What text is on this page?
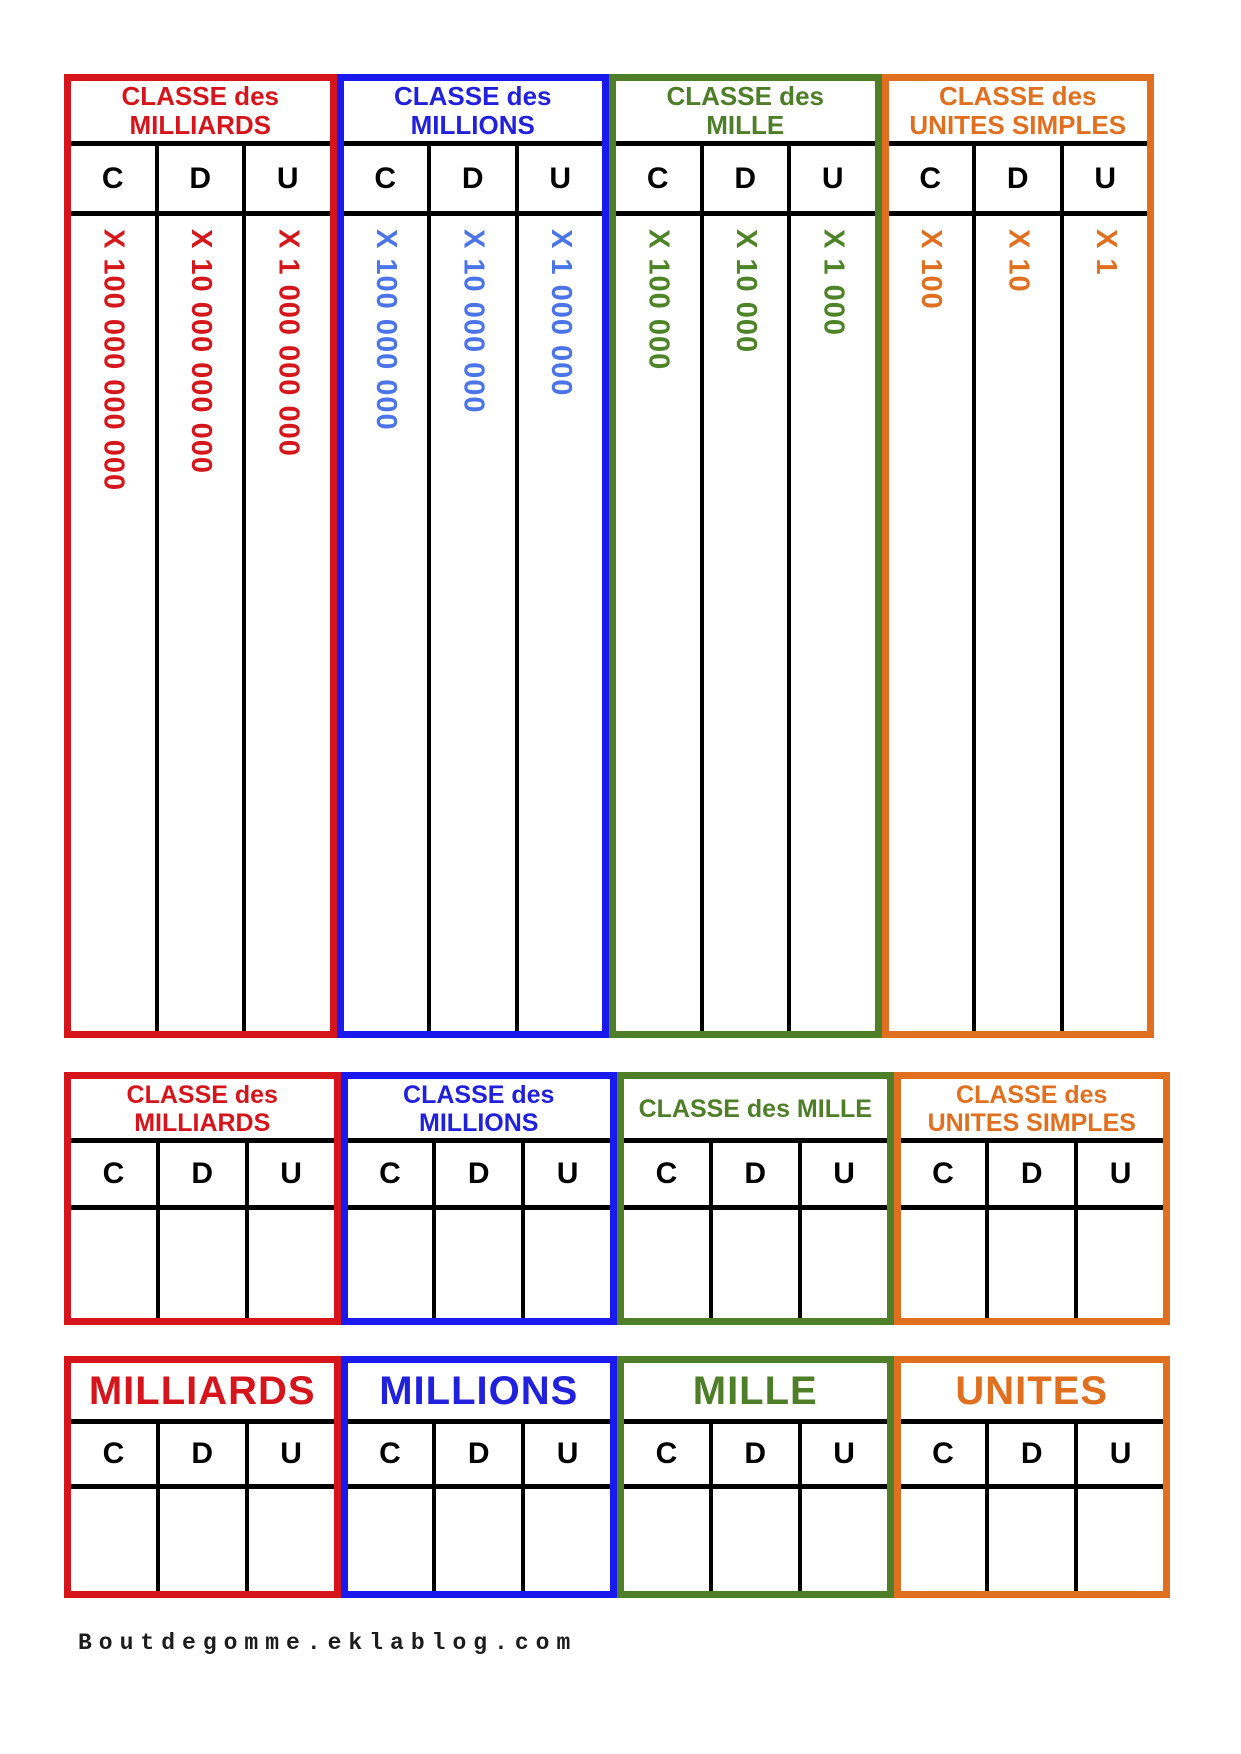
CLASSE des MILLIARDS
C	D	U
X 100 000 000 000 X 10 000 000 000 X 1 000 000 000
CLASSE des MILLIONS
C	D	U
X 100 000 000 X 10 000 000 X 1 000 000
CLASSE des MILLE
C	D	U
X 100 000 X 10 000 X 1 000
CLASSE des UNITES SIMPLES
C	D	U
X 100 X 10 X 1
CLASSE des MILLIARDS
C	D	U
CLASSE des MILLIONS
C	D	U
CLASSE des MILLE
C	D	U
CLASSE des UNITES SIMPLES
C	D	U
MILLIARDS
C	D	U
MILLIONS
C	D	U
MILLE
C	D	U
UNITES
C	D	U
Boutdegomme.eklablog.com
